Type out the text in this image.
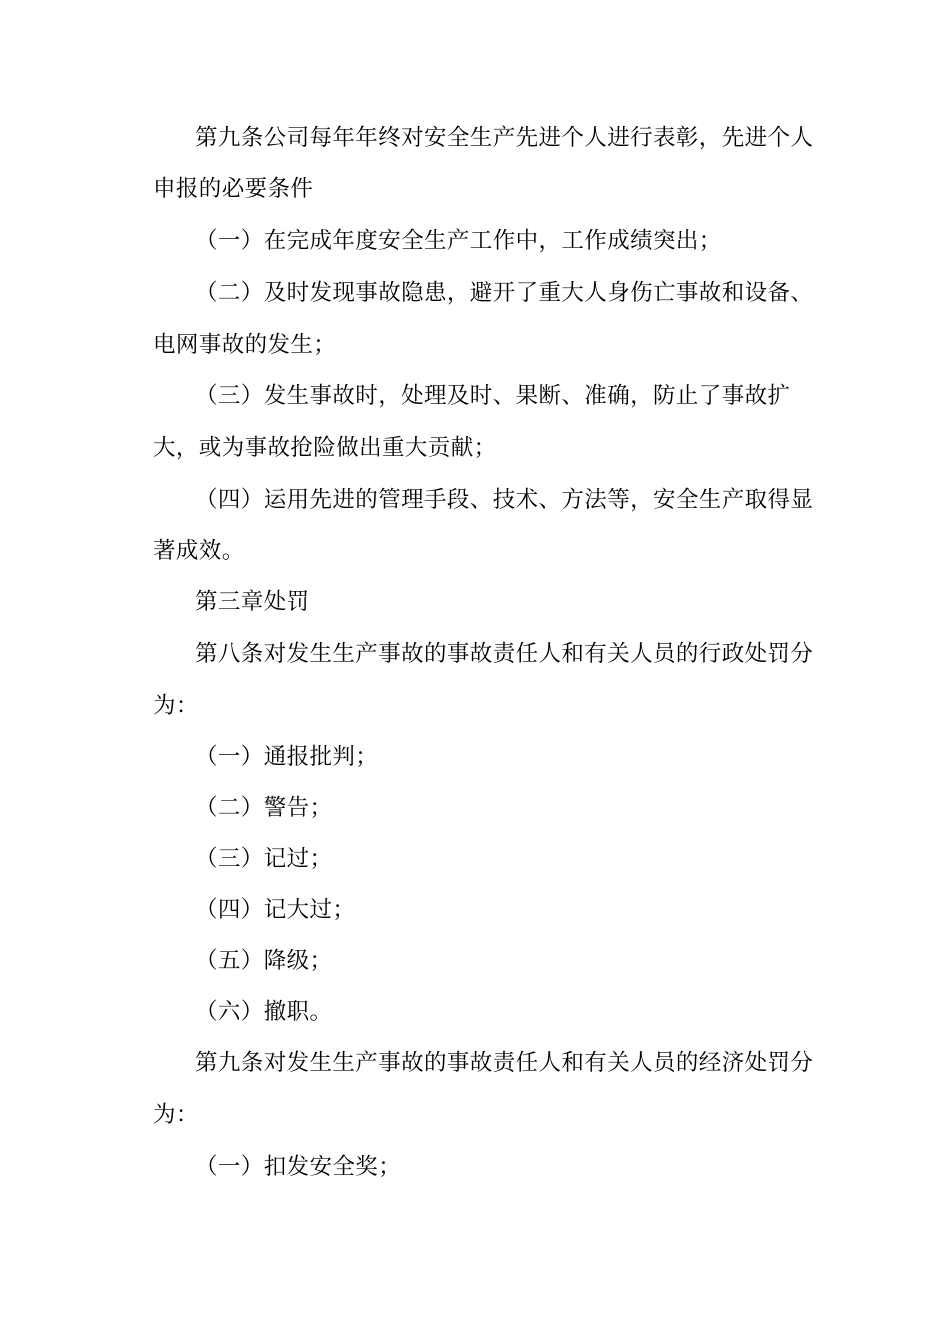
第九条公司每年年终对安全生产先进个人进行表彰，先进个人
申报的必要条件
（一）在完成年度安全生产工作中，工作成绩突出；
（二）及时发现事故隐患，避开了重大人身伤亡事故和设备、
电网事故的发生；
（三）发生事故时，处理及时、果断、准确，防止了事故扩
大，或为事故抢险做出重大贡献；
（四）运用先进的管理手段、技术、方法等，安全生产取得显
著成效。
第三章处罚
第八条对发生生产事故的事故责任人和有关人员的行政处罚分
为：
（一）通报批判；
（二）警告；
（三）记过；
（四）记大过；
（五）降级；
（六）撤职。
第九条对发生生产事故的事故责任人和有关人员的经济处罚分
为：
（一）扣发安全奖；
